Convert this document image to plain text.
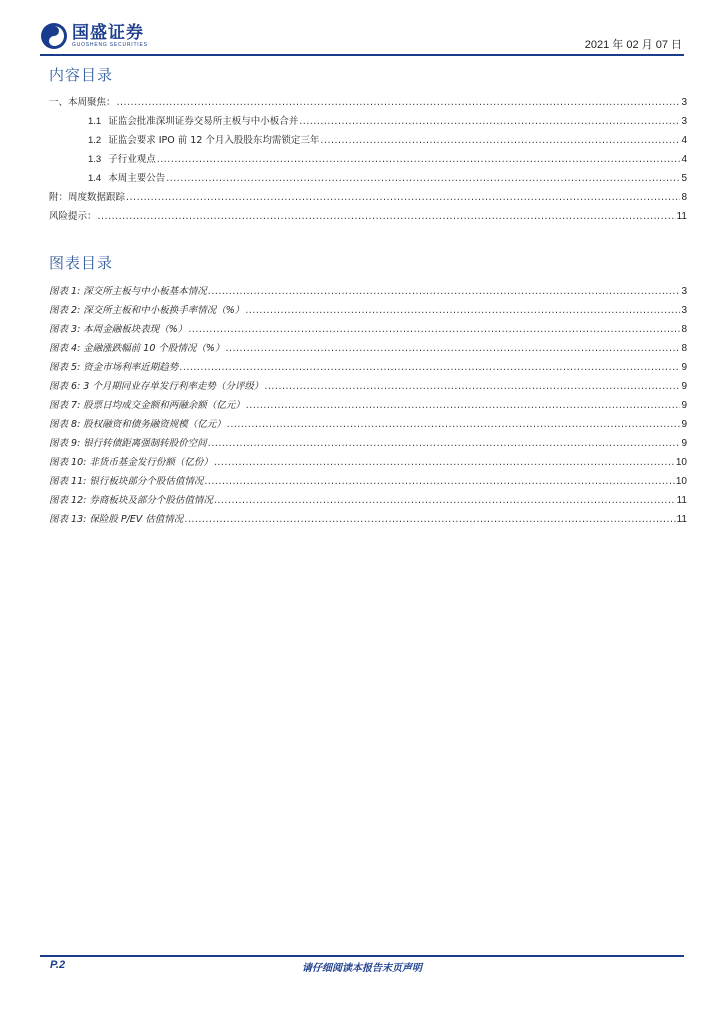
国盛证券
GUOSHENG SECURITIES	2021 年 02 月 07 日
内容目录
一、本周聚焦： .....	3
1.1 证监会批准深圳证券交易所主板与中小板合并 .....	3
1.2 证监会要求 IPO 前 12 个月入股股东均需锁定三年 .....	4
1.3 子行业观点 .....	4
1.4 本周主要公告 .....	5
附：周度数据跟踪 .....	8
风险提示： .....	11
图表目录
图表 1: 深交所主板与中小板基本情况 .....	3
图表 2: 深交所主板和中小板换手率情况（%） .....	3
图表 3: 本周金融板块表现（%） .....	8
图表 4: 金融涨跌幅前 10 个股情况（%） .....	8
图表 5: 资金市场利率近期趋势 .....	9
图表 6: 3 个月期同业存单发行利率走势（分评级） .....	9
图表 7: 股票日均成交金额和两融余额（亿元） .....	9
图表 8: 股权融资和债务融资规模（亿元） .....	9
图表 9: 银行转债距离强制转股价空间 .....	9
图表 10: 非货币基金发行份额（亿份） .....	10
图表 11: 银行板块部分个股估值情况 .....	10
图表 12: 券商板块及部分个股估值情况 .....	11
图表 13: 保险股 P/EV 估值情况 .....	11
P.2	请仔细阅读本报告末页声明
